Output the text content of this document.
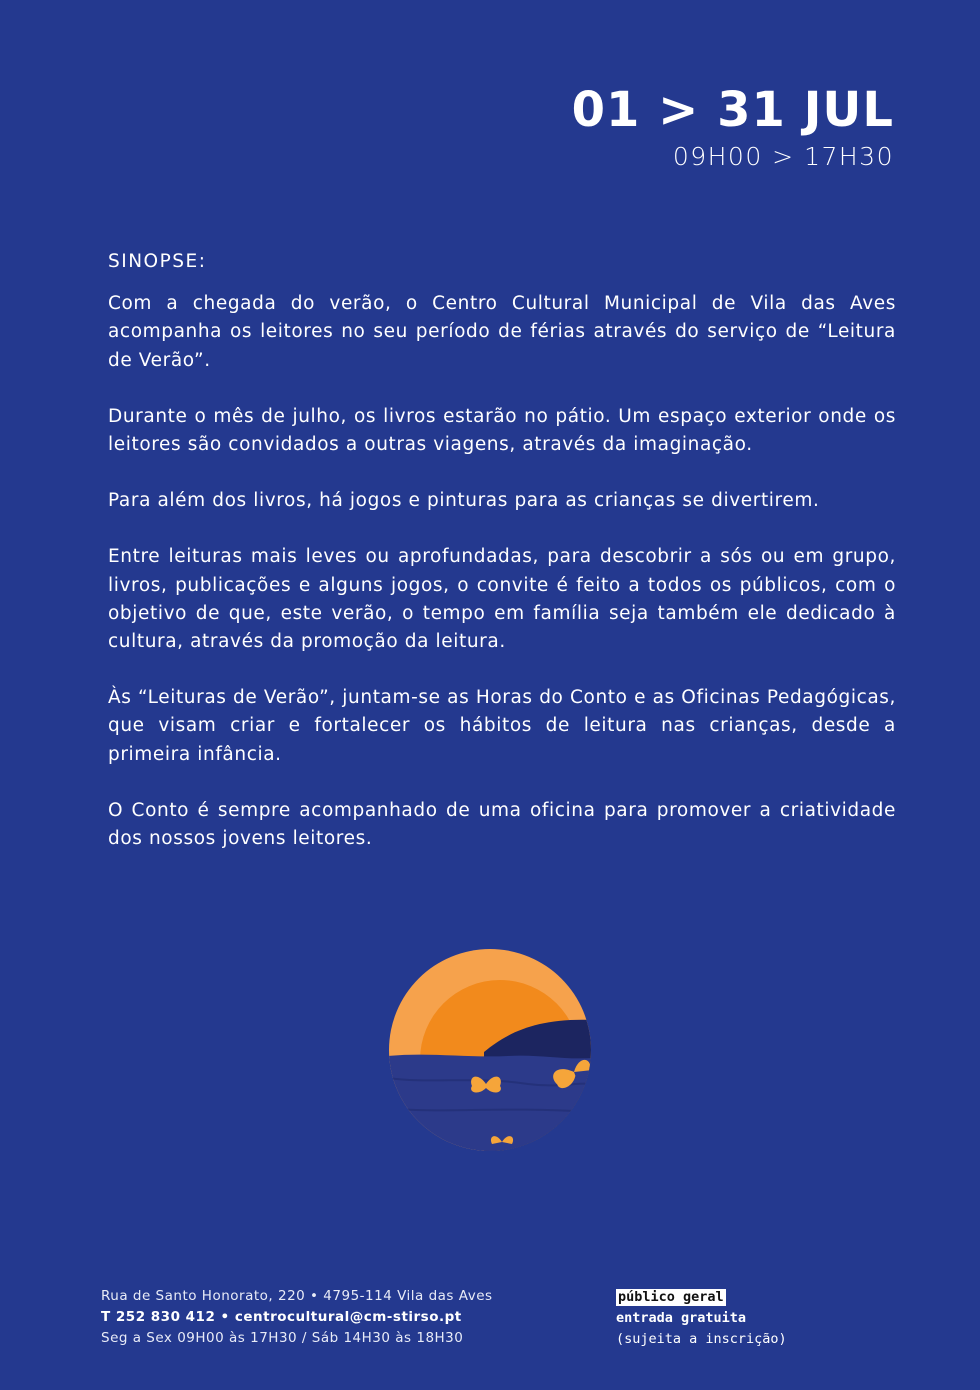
01 > 31 JUL
09H00 > 17H30
SINOPSE:

Com a chegada do verão, o Centro Cultural Municipal de Vila das Aves acompanha os leitores no seu período de férias através do serviço de “Leitura de Verão”.

Durante o mês de julho, os livros estarão no pátio. Um espaço exterior onde os leitores são convidados a outras viagens, através da imaginação.

Para além dos livros, há jogos e pinturas para as crianças se divertirem.

Entre leituras mais leves ou aprofundadas, para descobrir a sós ou em grupo, livros, publicações e alguns jogos, o convite é feito a todos os públicos, com o objetivo de que, este verão, o tempo em família seja também ele dedicado à cultura, através da promoção da leitura.

Às “Leituras de Verão”, juntam-se as Horas do Conto e as Oficinas Pedagógicas, que visam criar e fortalecer os hábitos de leitura nas crianças, desde a primeira infância.

O Conto é sempre acompanhado de uma oficina para promover a criatividade dos nossos jovens leitores.

Rua de Santo Honorato, 220 • 4795-114 Vila das Aves
T 252 830 412 • centrocultural@cm-stirso.pt
Seg a Sex 09H00 às 17H30 / Sáb 14H30 às 18H30
público geral
entrada gratuita
(sujeita a inscrição)
